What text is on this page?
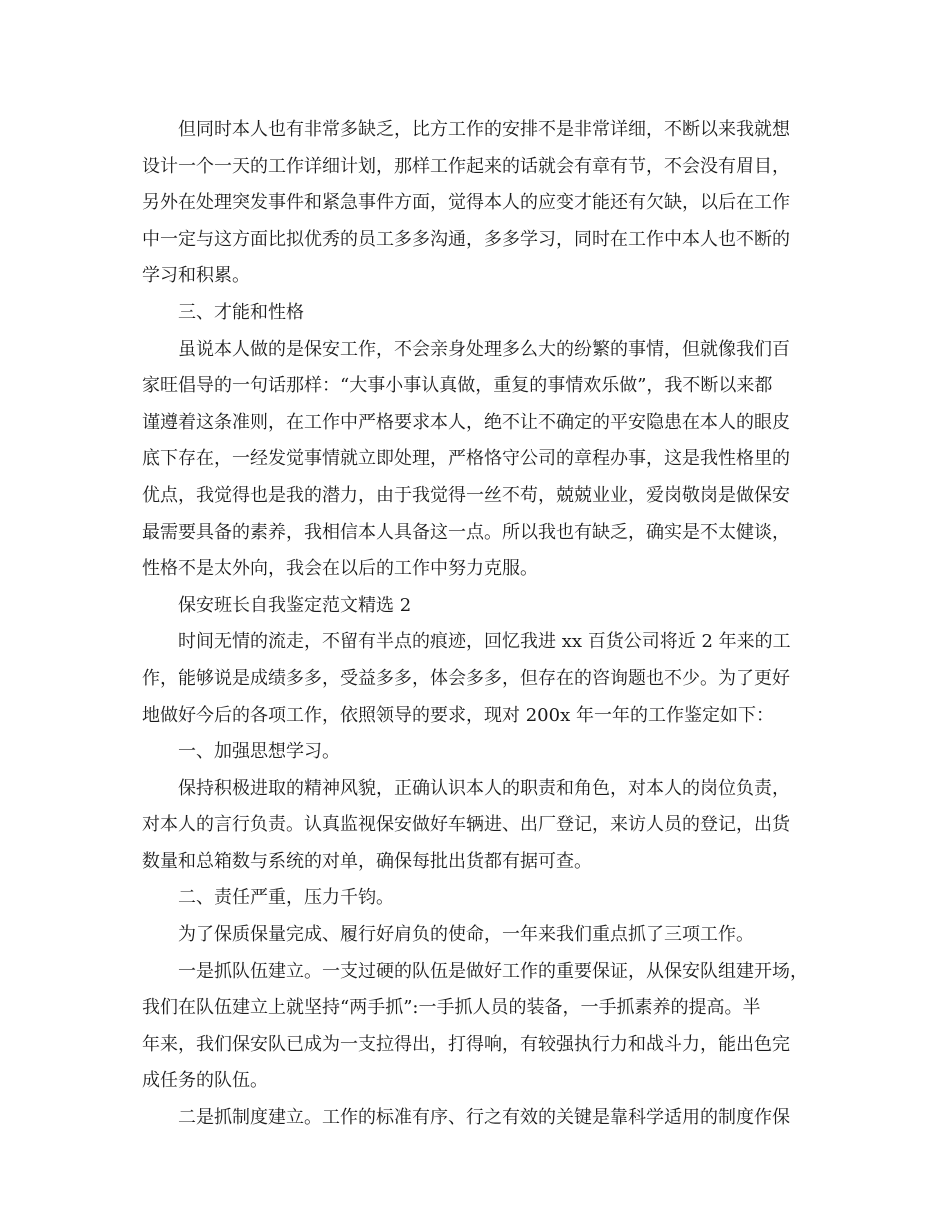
但同时本人也有非常多缺乏，比方工作的安排不是非常详细，不断以来我就想
设计一个一天的工作详细计划，那样工作起来的话就会有章有节，不会没有眉目，
另外在处理突发事件和紧急事件方面，觉得本人的应变才能还有欠缺，以后在工作
中一定与这方面比拟优秀的员工多多沟通，多多学习，同时在工作中本人也不断的
学习和积累。
三、才能和性格
虽说本人做的是保安工作，不会亲身处理多么大的纷繁的事情，但就像我们百
家旺倡导的一句话那样：“大事小事认真做，重复的事情欢乐做”，我不断以来都
谨遵着这条准则，在工作中严格要求本人，绝不让不确定的平安隐患在本人的眼皮
底下存在，一经发觉事情就立即处理，严格恪守公司的章程办事，这是我性格里的
优点，我觉得也是我的潜力，由于我觉得一丝不苟，兢兢业业，爱岗敬岗是做保安
最需要具备的素养，我相信本人具备这一点。所以我也有缺乏，确实是不太健谈，
性格不是太外向，我会在以后的工作中努力克服。
保安班长自我鉴定范文精选 2
时间无情的流走，不留有半点的痕迹，回忆我进 xx 百货公司将近 2 年来的工
作，能够说是成绩多多，受益多多，体会多多，但存在的咨询题也不少。为了更好
地做好今后的各项工作，依照领导的要求，现对 200x 年一年的工作鉴定如下：
一、加强思想学习。
保持积极进取的精神风貌，正确认识本人的职责和角色，对本人的岗位负责，
对本人的言行负责。认真监视保安做好车辆进、出厂登记，来访人员的登记，出货
数量和总箱数与系统的对单，确保每批出货都有据可查。
二、责任严重，压力千钧。
为了保质保量完成、履行好肩负的使命，一年来我们重点抓了三项工作。
一是抓队伍建立。一支过硬的队伍是做好工作的重要保证，从保安队组建开场，
我们在队伍建立上就坚持“两手抓”:一手抓人员的装备，一手抓素养的提高。半
年来，我们保安队已成为一支拉得出，打得响，有较强执行力和战斗力，能出色完
成任务的队伍。
二是抓制度建立。工作的标准有序、行之有效的关键是靠科学适用的制度作保
